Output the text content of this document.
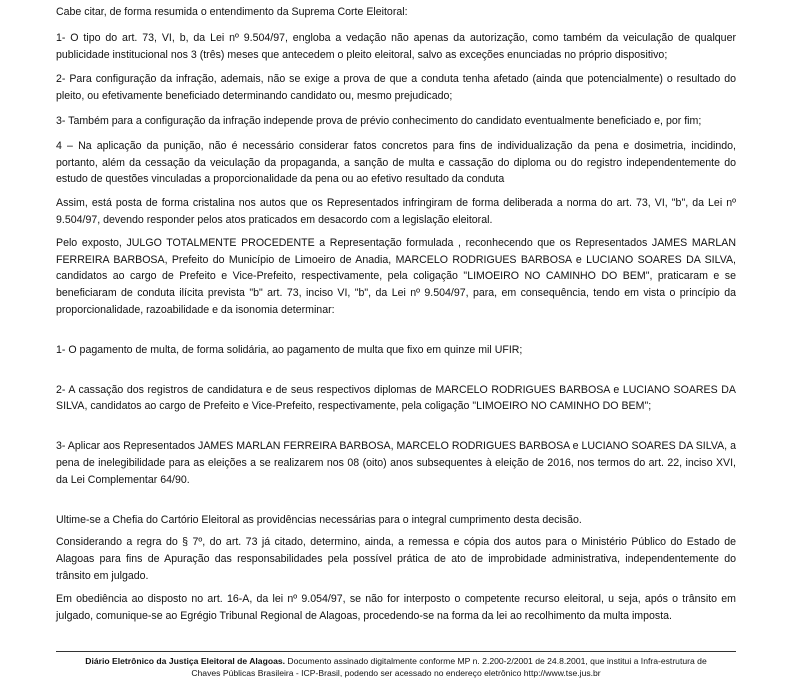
Cabe citar, de forma resumida o entendimento da Suprema Corte Eleitoral:

1- O tipo do art. 73, VI, b, da Lei nº 9.504/97, engloba a vedação não apenas da autorização, como também da veiculação de qualquer publicidade institucional nos 3 (três) meses que antecedem o pleito eleitoral, salvo as exceções enunciadas no próprio dispositivo;

2- Para configuração da infração, ademais, não se exige a prova de que a conduta tenha afetado (ainda que potencialmente) o resultado do pleito, ou efetivamente beneficiado determinando candidato ou, mesmo prejudicado;

3- Também para a configuração da infração independe prova de prévio conhecimento do candidato eventualmente beneficiado e, por fim;

4 – Na aplicação da punição, não é necessário considerar fatos concretos para fins de individualização da pena e dosimetria, incidindo, portanto, além da cessação da veiculação da propaganda, a sanção de multa e cassação do diploma ou do registro independentemente do estudo de questões vinculadas a proporcionalidade da pena ou ao efetivo resultado da conduta

Assim, está posta de forma cristalina nos autos que os Representados infringiram de forma deliberada a norma do art. 73, VI, "b", da Lei nº 9.504/97, devendo responder pelos atos praticados em desacordo com a legislação eleitoral.

Pelo exposto, JULGO TOTALMENTE PROCEDENTE a Representação formulada , reconhecendo que os Representados JAMES MARLAN FERREIRA BARBOSA, Prefeito do Município de Limoeiro de Anadia, MARCELO RODRIGUES BARBOSA e LUCIANO SOARES DA SILVA, candidatos ao cargo de Prefeito e Vice-Prefeito, respectivamente, pela coligação "LIMOEIRO NO CAMINHO DO BEM", praticaram e se beneficiaram de conduta ilícita prevista "b" art. 73, inciso VI, "b", da Lei nº 9.504/97, para, em consequência, tendo em vista o princípio da proporcionalidade, razoabilidade e da isonomia determinar:

1- O pagamento de multa, de forma solidária, ao pagamento de multa que fixo em quinze mil UFIR;

2- A cassação dos registros de candidatura e de seus respectivos diplomas de MARCELO RODRIGUES BARBOSA e LUCIANO SOARES DA SILVA, candidatos ao cargo de Prefeito e Vice-Prefeito, respectivamente, pela coligação "LIMOEIRO NO CAMINHO DO BEM";

3- Aplicar aos Representados JAMES MARLAN FERREIRA BARBOSA, MARCELO RODRIGUES BARBOSA e LUCIANO SOARES DA SILVA, a pena de inelegibilidade para as eleições a se realizarem nos 08 (oito) anos subsequentes à eleição de 2016, nos termos do art. 22, inciso XVI, da Lei Complementar 64/90.

Ultime-se a Chefia do Cartório Eleitoral as providências necessárias para o integral cumprimento desta decisão.

Considerando a regra do § 7º, do art. 73 já citado, determino, ainda, a remessa e cópia dos autos para o Ministério Público do Estado de Alagoas para fins de Apuração das responsabilidades pela possível prática de ato de improbidade administrativa, independentemente do trânsito em julgado.

Em obediência ao disposto no art. 16-A, da lei nº 9.054/97, se não for interposto o competente recurso eleitoral, u seja, após o trânsito em julgado, comunique-se ao Egrégio Tribunal Regional de Alagoas, procedendo-se na forma da lei ao recolhimento da multa imposta.

Diário Eletrônico da Justiça Eleitoral de Alagoas. Documento assinado digitalmente conforme MP n. 2.200-2/2001 de 24.8.2001, que institui a Infra-estrutura de
Chaves Públicas Brasileira - ICP-Brasil, podendo ser acessado no endereço eletrônico http://www.tse.jus.br
